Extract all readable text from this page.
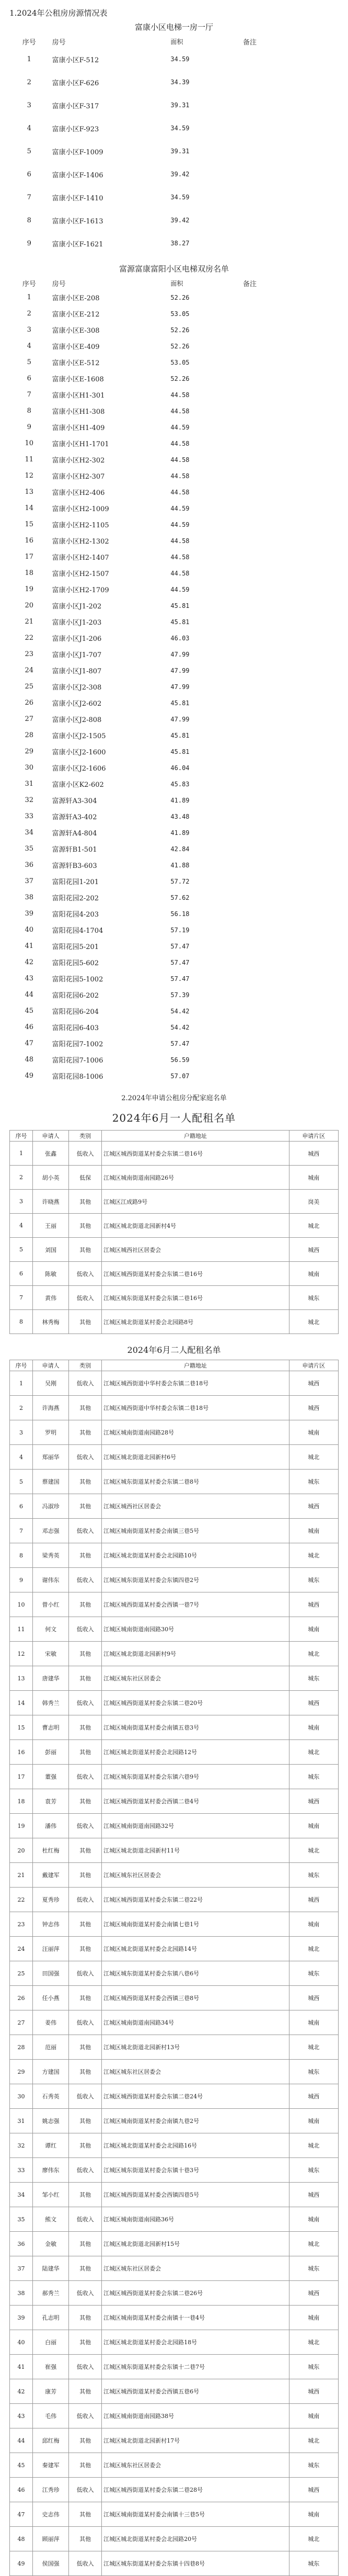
1.2024年公租房房源情况表
富康小区电梯一房一厅
序号	房号	面积	备注
1	富康小区F-512	34.59	
2	富康小区F-626	34.39	
3	富康小区F-317	39.31	
4	富康小区F-923	34.59	
5	富康小区F-1009	39.31	
6	富康小区F-1406	39.42	
7	富康小区F-1410	34.59	
8	富康小区F-1613	39.42	
9	富康小区F-1621	38.27	
富源富康富阳小区电梯双房名单
序号	房号	面积	备注
1	富康小区E-208	52.26	
2	富康小区E-212	53.05	
3	富康小区E-308	52.26	
4	富康小区E-409	52.26	
5	富康小区E-512	53.05	
6	富康小区E-1608	52.26	
7	富康小区H1-301	44.58	
8	富康小区H1-308	44.58	
9	富康小区H1-409	44.59	
10	富康小区H1-1701	44.58	
11	富康小区H2-302	44.58	
12	富康小区H2-307	44.58	
13	富康小区H2-406	44.58	
14	富康小区H2-1009	44.59	
15	富康小区H2-1105	44.59	
16	富康小区H2-1302	44.58	
17	富康小区H2-1407	44.58	
18	富康小区H2-1507	44.58	
19	富康小区H2-1709	44.59	
20	富康小区J1-202	45.81	
21	富康小区J1-203	45.81	
22	富康小区J1-206	46.03	
23	富康小区J1-707	47.99	
24	富康小区J1-807	47.99	
25	富康小区J2-308	47.99	
26	富康小区J2-602	45.81	
27	富康小区J2-808	47.99	
28	富康小区J2-1505	45.81	
29	富康小区J2-1600	45.81	
30	富康小区J2-1606	46.04	
31	富康小区K2-602	45.83	
32	富源轩A3-304	41.89	
33	富源轩A3-402	43.48	
34	富源轩A4-804	41.89	
35	富源轩B1-501	42.84	
36	富源轩B3-603	41.88	
37	富阳花园1-201	57.72	
38	富阳花园2-202	57.62	
39	富阳花园4-203	56.18	
40	富阳花园4-1704	57.19	
41	富阳花园5-201	57.47	
42	富阳花园5-602	57.47	
43	富阳花园5-1002	57.47	
44	富阳花园6-202	57.39	
45	富阳花园6-204	54.42	
46	富阳花园6-403	54.42	
47	富阳花园7-1002	57.47	
48	富阳花园7-1006	56.59	
49	富阳花园8-1006	57.07	
2.2024年申请公租房分配家庭名单
2024年6月一人配租名单
序号	申请人	类别	户籍地址	申请片区
1	张鑫	低收入	江城区城西街道某村委会东镇二巷16号	城西
2	胡小英	低保	江城区城南街道南园路26号	城南
3	许晓燕	其他	江城区江成路9号	岗美
4	王丽	其他	江城区城北街道北园新村4号	城北
5	刘国	其他	江城区城西社区居委会	城西
6	陈敏	低收入	江城区城西街道某村委会东镇二巷16号	城南
7	黄伟	低收入	江城区城东街道某村委会东镇二巷16号	城东
8	林秀梅	其他	江城区城北街道某村委会北园路8号	城北
2024年6月二人配租名单
序号	申请人	类别	户籍地址	申请片区
1	吴刚	低收入	江城区城西街道中华村委会东镇二巷18号	城西
2	许海燕	其他	江城区城西街道中华村委会东镇二巷18号	城西
3	罗明	其他	江城区城南街道南园路28号	城南
4	郑丽华	低收入	江城区城北街道北园新村6号	城北
5	蔡建国	其他	江城区城东街道某村委会东镇二巷8号	城东
6	冯淑珍	其他	江城区城西社区居委会	城西
7	邓志强	低收入	江城区城南街道某村委会南镇三巷5号	城南
8	梁秀英	其他	江城区城北街道某村委会北园路10号	城北
9	谢伟东	低收入	江城区城东街道某村委会东镇四巷2号	城东
10	曾小红	其他	江城区城西街道某村委会西镇一巷7号	城西
11	何文	低收入	江城区城南街道南园路30号	城南
12	宋敏	其他	江城区城北街道北园新村9号	城北
13	唐建华	其他	江城区城东社区居委会	城东
14	韩秀兰	低收入	江城区城西街道某村委会东镇二巷20号	城西
15	曹志明	其他	江城区城南街道某村委会南镇五巷3号	城南
16	彭丽	其他	江城区城北街道某村委会北园路12号	城北
17	董强	低收入	江城区城东街道某村委会东镇六巷9号	城东
18	袁芳	其他	江城区城西街道某村委会西镇二巷4号	城西
19	潘伟	低收入	江城区城南街道南园路32号	城南
20	杜红梅	其他	江城区城北街道北园新村11号	城北
21	戴建军	其他	江城区城东社区居委会	城东
22	夏秀珍	低收入	江城区城西街道某村委会东镇二巷22号	城西
23	钟志伟	其他	江城区城南街道某村委会南镇七巷1号	城南
24	汪丽萍	其他	江城区城北街道某村委会北园路14号	城北
25	田国强	低收入	江城区城东街道某村委会东镇八巷6号	城东
26	任小燕	其他	江城区城西街道某村委会西镇三巷8号	城西
27	姜伟	低收入	江城区城南街道南园路34号	城南
28	范丽	其他	江城区城北街道北园新村13号	城北
29	方建国	其他	江城区城东社区居委会	城东
30	石秀英	低收入	江城区城西街道某村委会东镇二巷24号	城西
31	姚志强	其他	江城区城南街道某村委会南镇九巷2号	城南
32	谭红	其他	江城区城北街道某村委会北园路16号	城北
33	廖伟东	低收入	江城区城东街道某村委会东镇十巷3号	城东
34	邹小红	其他	江城区城西街道某村委会西镇四巷5号	城西
35	熊文	低收入	江城区城南街道南园路36号	城南
36	金敏	其他	江城区城北街道北园新村15号	城北
37	陆建华	其他	江城区城东社区居委会	城东
38	郝秀兰	低收入	江城区城西街道某村委会东镇二巷26号	城西
39	孔志明	其他	江城区城南街道某村委会南镇十一巷4号	城南
40	白丽	其他	江城区城北街道某村委会北园路18号	城北
41	崔强	低收入	江城区城东街道某村委会东镇十二巷7号	城东
42	康芳	其他	江城区城西街道某村委会西镇五巷6号	城西
43	毛伟	低收入	江城区城南街道南园路38号	城南
44	邱红梅	其他	江城区城北街道北园新村17号	城北
45	秦建军	其他	江城区城东社区居委会	城东
46	江秀珍	低收入	江城区城西街道某村委会东镇二巷28号	城西
47	史志伟	其他	江城区城南街道某村委会南镇十三巷5号	城南
48	顾丽萍	其他	江城区城北街道某村委会北园路20号	城北
49	侯国强	低收入	江城区城东街道某村委会东镇十四巷8号	城东
